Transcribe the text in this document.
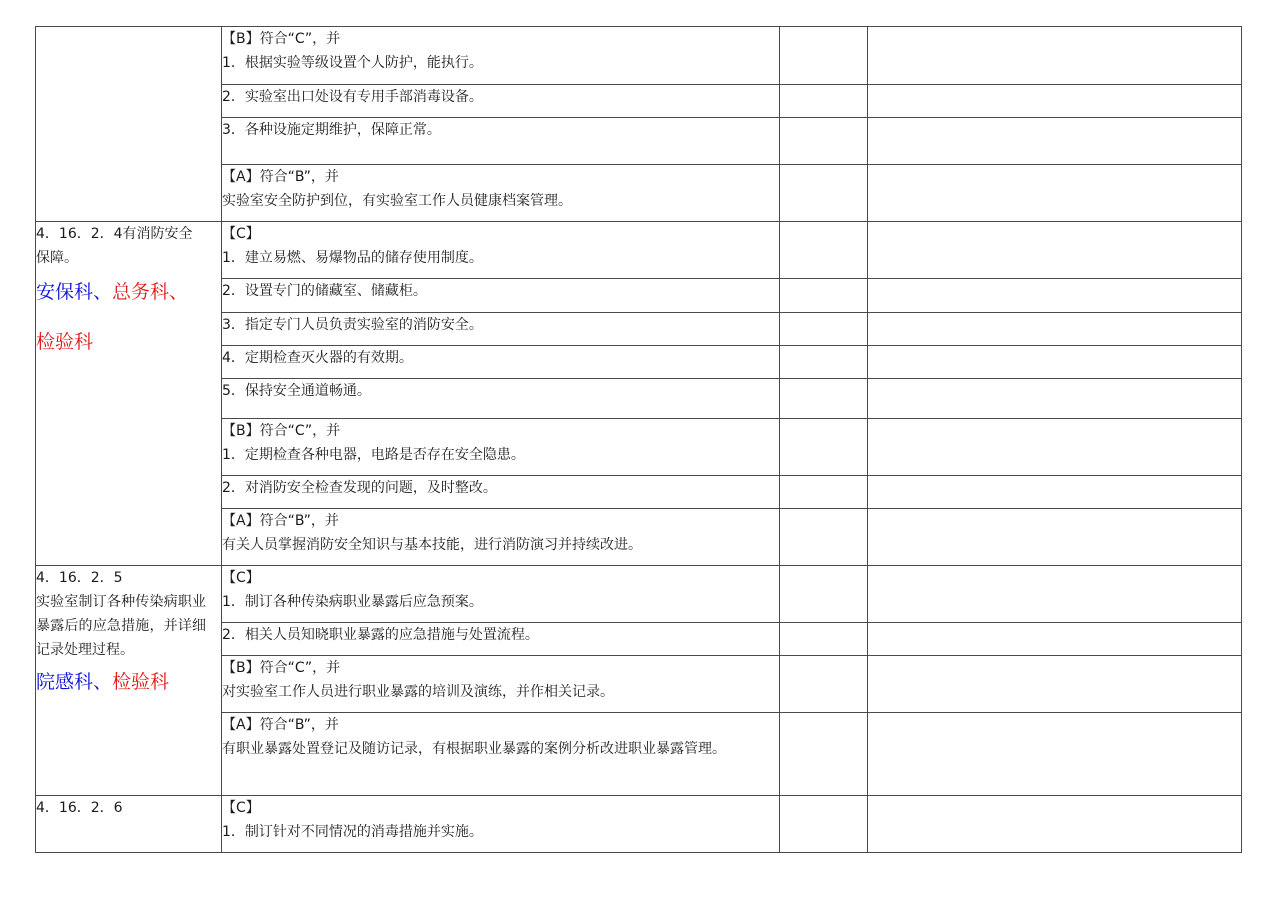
	【B】符合“C”，并
1．根据实验等级设置个人防护，能执行。		

	2．实验室出口处设有专用手部消毒设备。		

	3．各种设施定期维护，保障正常。		

	【A】符合“B”，并
实验室安全防护到位，有实验室工作人员健康档案管理。		

4．16．2．4有消防安全保障。
安保科、总务科、
检验科	【C】
1．建立易燃、易爆物品的储存使用制度。		

	2．设置专门的储藏室、储藏柜。		

	3．指定专门人员负责实验室的消防安全。		

	4．定期检查灭火器的有效期。		

	5．保持安全通道畅通。		

	【B】符合“C”，并
1．定期检查各种电器，电路是否存在安全隐患。		

	2．对消防安全检查发现的问题，及时整改。		

	【A】符合“B”，并
有关人员掌握消防安全知识与基本技能，进行消防演习并持续改进。		

4．16．2．5
实验室制订各种传染病职业暴露后的应急措施，并详细记录处理过程。
院感科、检验科	【C】
1．制订各种传染病职业暴露后应急预案。		

	2．相关人员知晓职业暴露的应急措施与处置流程。		

	【B】符合“C”，并
对实验室工作人员进行职业暴露的培训及演练，并作相关记录。		

	【A】符合“B”，并
有职业暴露处置登记及随访记录，有根据职业暴露的案例分析改进职业暴露管理。		

4．16．2．6	【C】
1．制订针对不同情况的消毒措施并实施。		
